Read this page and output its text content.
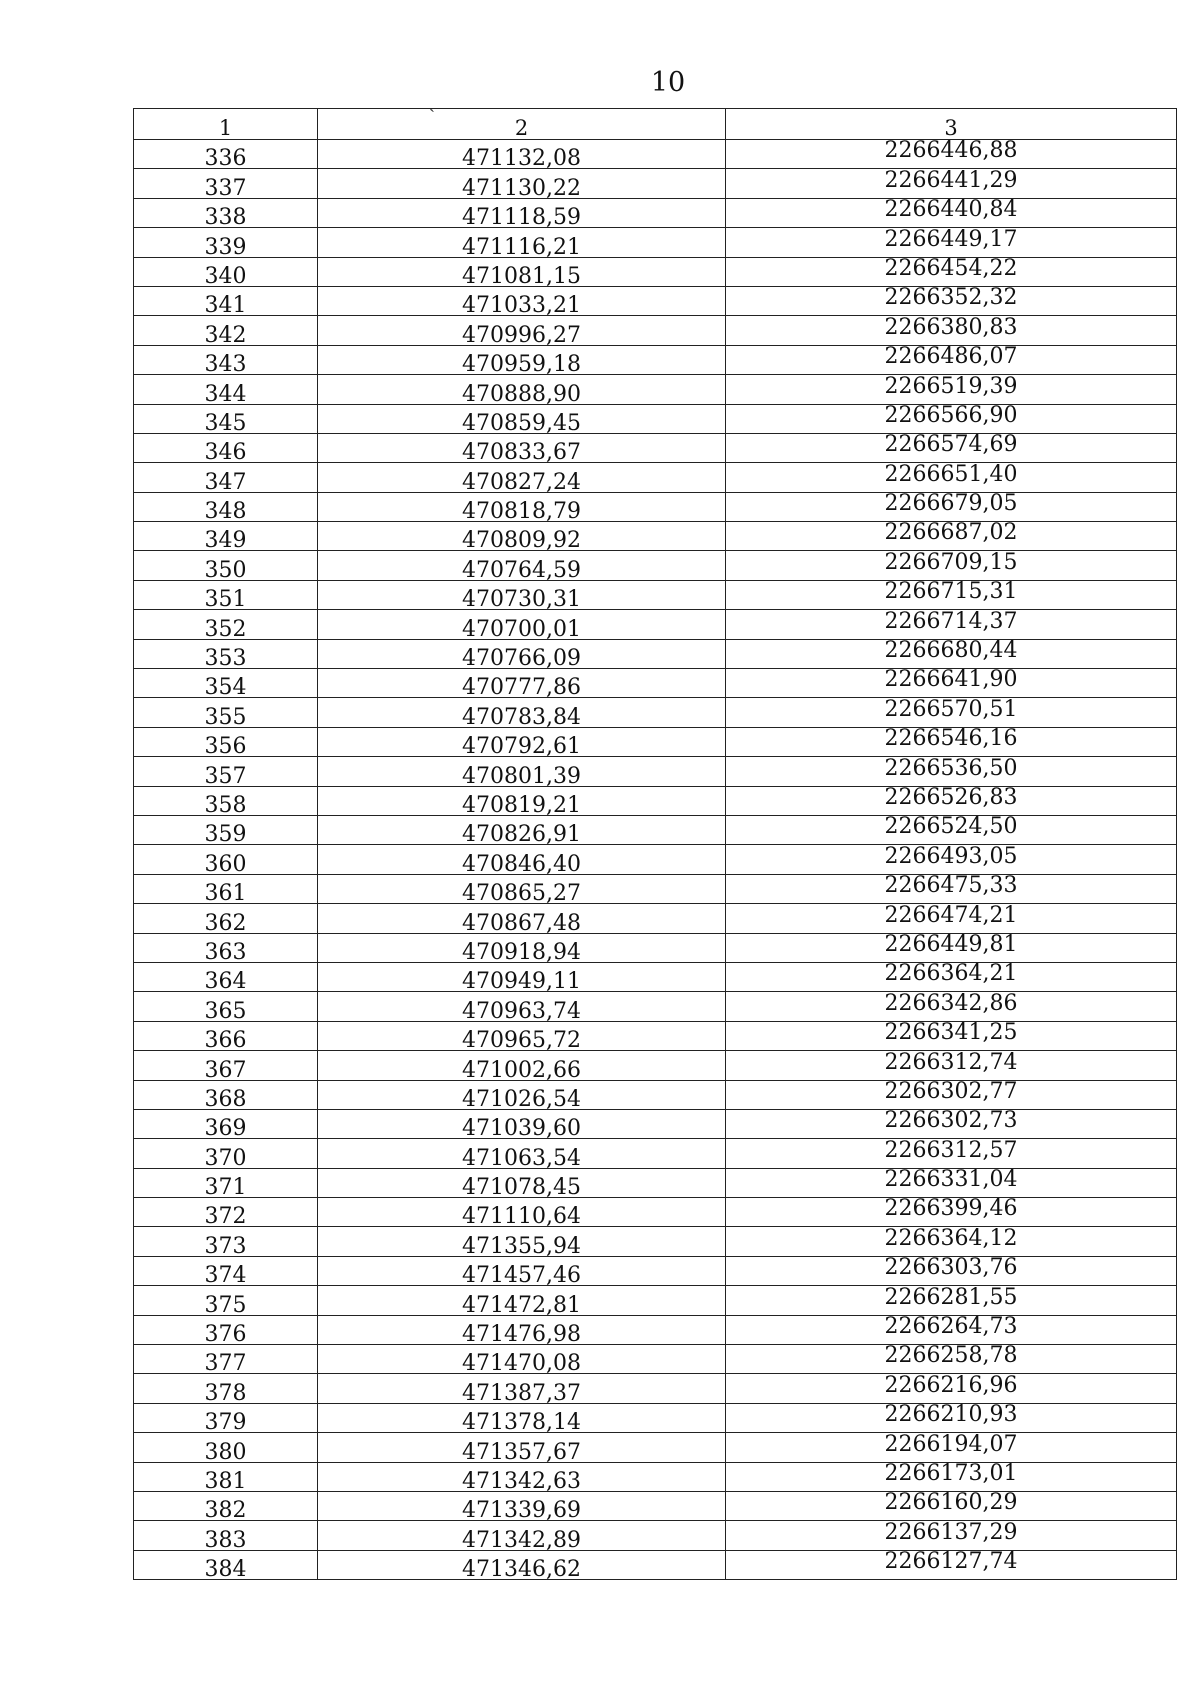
10
1	2	3
336	471132,08	2266446,88
337	471130,22	2266441,29
338	471118,59	2266440,84
339	471116,21	2266449,17
340	471081,15	2266454,22
341	471033,21	2266352,32
342	470996,27	2266380,83
343	470959,18	2266486,07
344	470888,90	2266519,39
345	470859,45	2266566,90
346	470833,67	2266574,69
347	470827,24	2266651,40
348	470818,79	2266679,05
349	470809,92	2266687,02
350	470764,59	2266709,15
351	470730,31	2266715,31
352	470700,01	2266714,37
353	470766,09	2266680,44
354	470777,86	2266641,90
355	470783,84	2266570,51
356	470792,61	2266546,16
357	470801,39	2266536,50
358	470819,21	2266526,83
359	470826,91	2266524,50
360	470846,40	2266493,05
361	470865,27	2266475,33
362	470867,48	2266474,21
363	470918,94	2266449,81
364	470949,11	2266364,21
365	470963,74	2266342,86
366	470965,72	2266341,25
367	471002,66	2266312,74
368	471026,54	2266302,77
369	471039,60	2266302,73
370	471063,54	2266312,57
371	471078,45	2266331,04
372	471110,64	2266399,46
373	471355,94	2266364,12
374	471457,46	2266303,76
375	471472,81	2266281,55
376	471476,98	2266264,73
377	471470,08	2266258,78
378	471387,37	2266216,96
379	471378,14	2266210,93
380	471357,67	2266194,07
381	471342,63	2266173,01
382	471339,69	2266160,29
383	471342,89	2266137,29
384	471346,62	2266127,74
ˏ
